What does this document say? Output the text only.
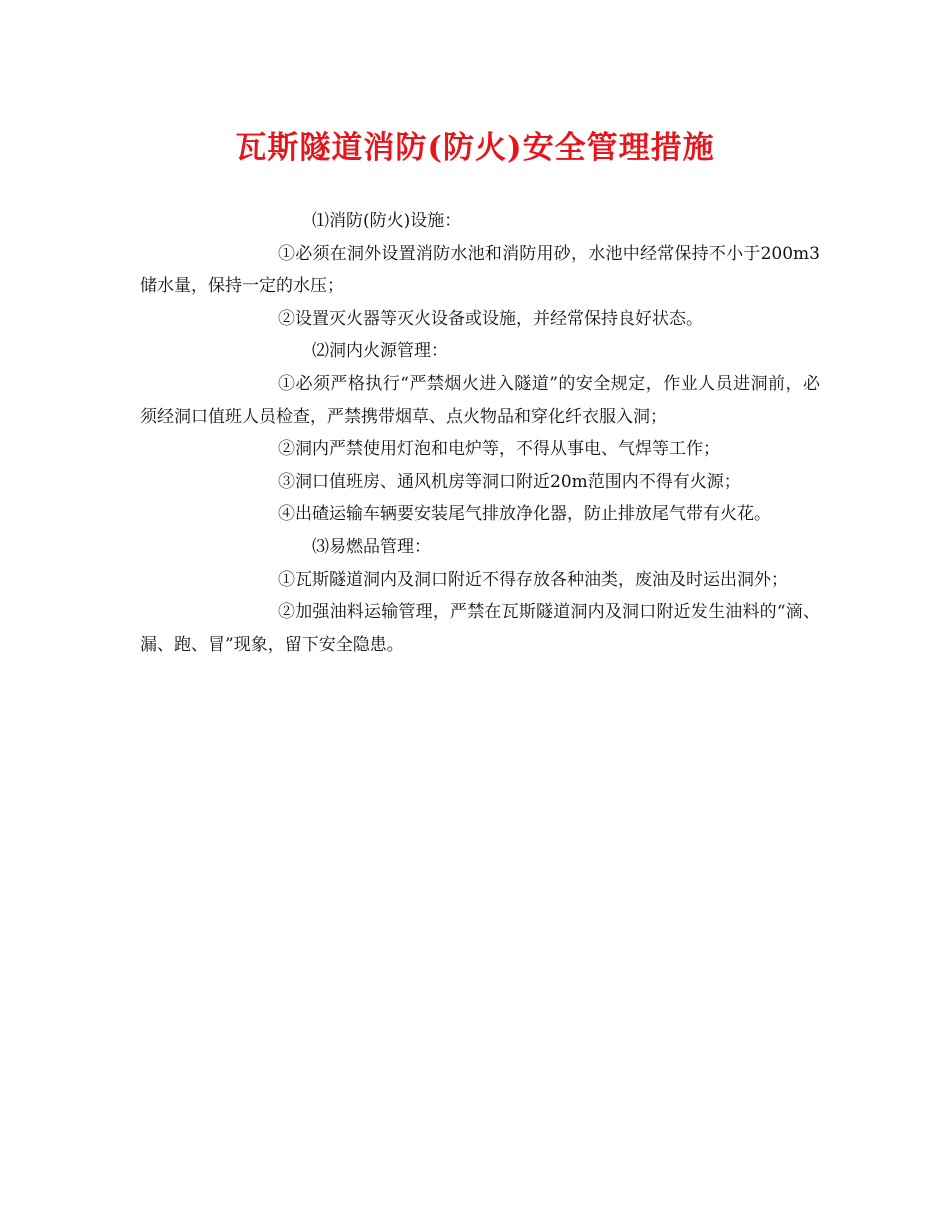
瓦斯隧道消防(防火)安全管理措施

⑴消防(防火)设施：

①必须在洞外设置消防水池和消防用砂，水池中经常保持不小于200m3储水量，保持一定的水压；

②设置灭火器等灭火设备或设施，并经常保持良好状态。

⑵洞内火源管理：

①必须严格执行“严禁烟火进入隧道”的安全规定，作业人员进洞前，必须经洞口值班人员检查，严禁携带烟草、点火物品和穿化纤衣服入洞；

②洞内严禁使用灯泡和电炉等，不得从事电、气焊等工作；

③洞口值班房、通风机房等洞口附近20m范围内不得有火源；

④出碴运输车辆要安装尾气排放净化器，防止排放尾气带有火花。

⑶易燃品管理：

①瓦斯隧道洞内及洞口附近不得存放各种油类，废油及时运出洞外；

②加强油料运输管理，严禁在瓦斯隧道洞内及洞口附近发生油料的“滴、漏、跑、冒”现象，留下安全隐患。
